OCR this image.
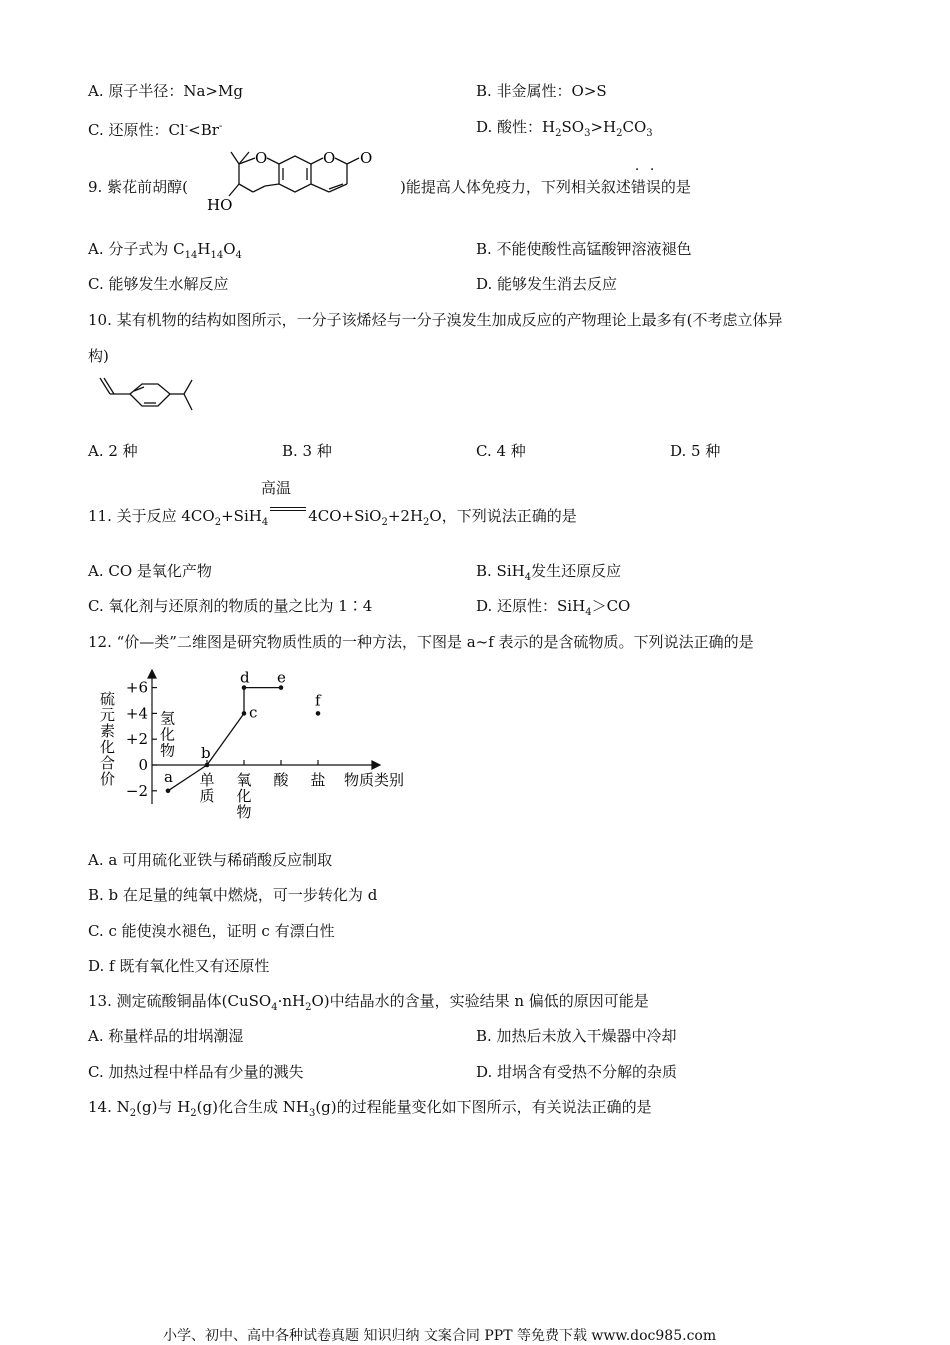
A. 原子半径：Na>Mg	B. 非金属性：O>S
C. 还原性：Cl-<Br-	D. 酸性：$H_2SO_3>H_2CO_3$
9. 紫花前胡醇(
O	O O
HO
)能提高人体免疫力，下列相关叙述
· ·
错误的是
A. 分子式为 $C_{14}H_{14}O_4$	B. 不能使酸性高锰酸钾溶液褪色
C. 能够发生水解反应	D. 能够发生消去反应
10. 某有机物的结构如图所示，一分子该烯烃与一分子溴发生加成反应的产物理论上最多有(不考虑立体异
构)
A. 2 种	B. 3 种	C. 4 种	D. 5 种
高温
11. 关于反应 $4CO_2+SiH_4$	$4CO+SiO_2+2H_2O$，下列说法正确的是
A. CO 是氧化产物	B. SiH$_4$发生还原反应
C. 氧化剂与还原剂的物质的量之比为 1∶4	D. 还原性：SiH$_4$＞CO
12. “价—类”二维图是研究物质性质的一种方法，下图是 a~f 表示的是含硫物质。下列说法正确的是
硫
元
素
化
合
价
+6
+4
+2
0
−2
氢
化
物
单
质
氧
化
物
酸 盐
a
b
c
d e
f
物质类别
A. a 可用硫化亚铁与稀硝酸反应制取
B. b 在足量的纯氧中燃烧，可一步转化为 d
C. c 能使溴水褪色，证明 c 有漂白性
D. f 既有氧化性又有还原性
13. 测定硫酸铜晶体$(CuSO_4\cdot nH_2O)$中结晶水的含量，实验结果 n 偏低的原因可能是
A. 称量样品的坩埚潮湿	B. 加热后未放入干燥器中冷却
C. 加热过程中样品有少量的溅失	D. 坩埚含有受热不分解的杂质
14. $N_2(g)$与 $H_2(g)$化合生成 $NH_3(g)$的过程能量变化如下图所示，有关说法正确的是
小学、初中、高中各种试卷真题 知识归纳 文案合同 PPT 等免费下载 www.doc985.com
